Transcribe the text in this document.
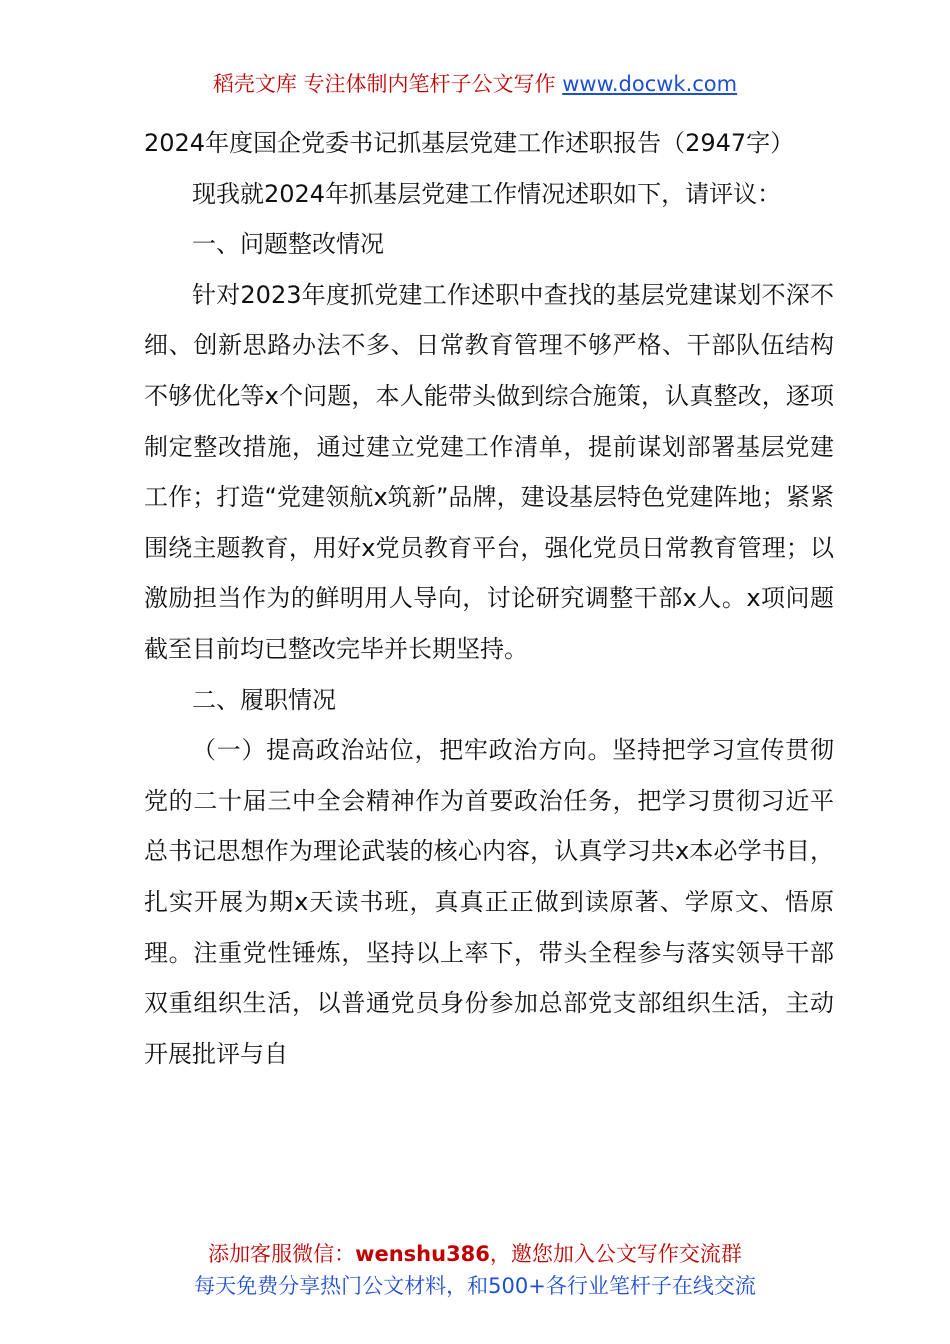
稻壳文库 专注体制内笔杆子公文写作 www.docwk.com

2024年度国企党委书记抓基层党建工作述职报告（2947字）

现我就2024年抓基层党建工作情况述职如下，请评议：

一、问题整改情况

针对2023年度抓党建工作述职中查找的基层党建谋划不深不细、创新思路办法不多、日常教育管理不够严格、干部队伍结构不够优化等x个问题，本人能带头做到综合施策，认真整改，逐项制定整改措施，通过建立党建工作清单，提前谋划部署基层党建工作；打造“党建领航x筑新”品牌，建设基层特色党建阵地；紧紧围绕主题教育，用好x党员教育平台，强化党员日常教育管理；以激励担当作为的鲜明用人导向，讨论研究调整干部x人。x项问题截至目前均已整改完毕并长期坚持。

二、履职情况

（一）提高政治站位，把牢政治方向。坚持把学习宣传贯彻党的二十届三中全会精神作为首要政治任务，把学习贯彻习近平总书记思想作为理论武装的核心内容，认真学习共x本必学书目，扎实开展为期x天读书班，真真正正做到读原著、学原文、悟原理。注重党性锤炼，坚持以上率下，带头全程参与落实领导干部双重组织生活，以普通党员身份参加总部党支部组织生活，主动开展批评与自

添加客服微信：wenshu386，邀您加入公文写作交流群
每天免费分享热门公文材料，和500+各行业笔杆子在线交流
